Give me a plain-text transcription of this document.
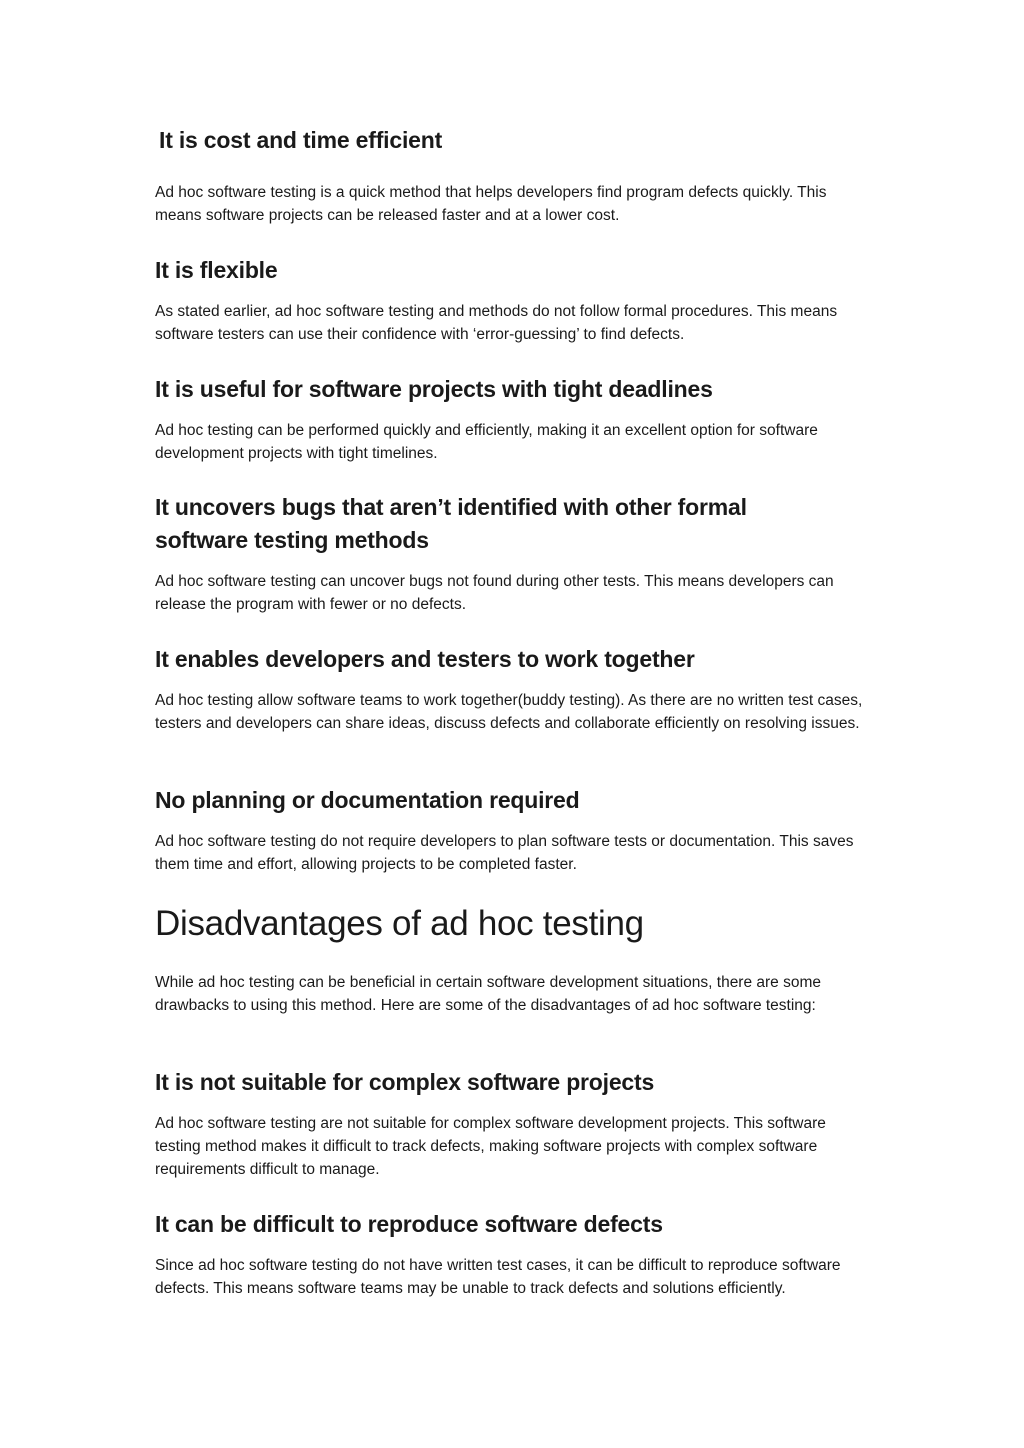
It is cost and time efficient

Ad hoc software testing is a quick method that helps developers find program defects quickly. This means software projects can be released faster and at a lower cost.

It is flexible

As stated earlier, ad hoc software testing and methods do not follow formal procedures. This means software testers can use their confidence with ‘error-guessing’ to find defects.

It is useful for software projects with tight deadlines

Ad hoc testing can be performed quickly and efficiently, making it an excellent option for software development projects with tight timelines.

It uncovers bugs that aren’t identified with other formal software testing methods

Ad hoc software testing can uncover bugs not found during other tests. This means developers can release the program with fewer or no defects.

It enables developers and testers to work together

Ad hoc testing allow software teams to work together(buddy testing). As there are no written test cases, testers and developers can share ideas, discuss defects and collaborate efficiently on resolving issues.

No planning or documentation required

Ad hoc software testing do not require developers to plan software tests or documentation. This saves them time and effort, allowing projects to be completed faster.

Disadvantages of ad hoc testing

While ad hoc testing can be beneficial in certain software development situations, there are some drawbacks to using this method. Here are some of the disadvantages of ad hoc software testing:

It is not suitable for complex software projects

Ad hoc software testing are not suitable for complex software development projects. This software testing method makes it difficult to track defects, making software projects with complex software requirements difficult to manage.

It can be difficult to reproduce software defects

Since ad hoc software testing do not have written test cases, it can be difficult to reproduce software defects. This means software teams may be unable to track defects and solutions efficiently.
